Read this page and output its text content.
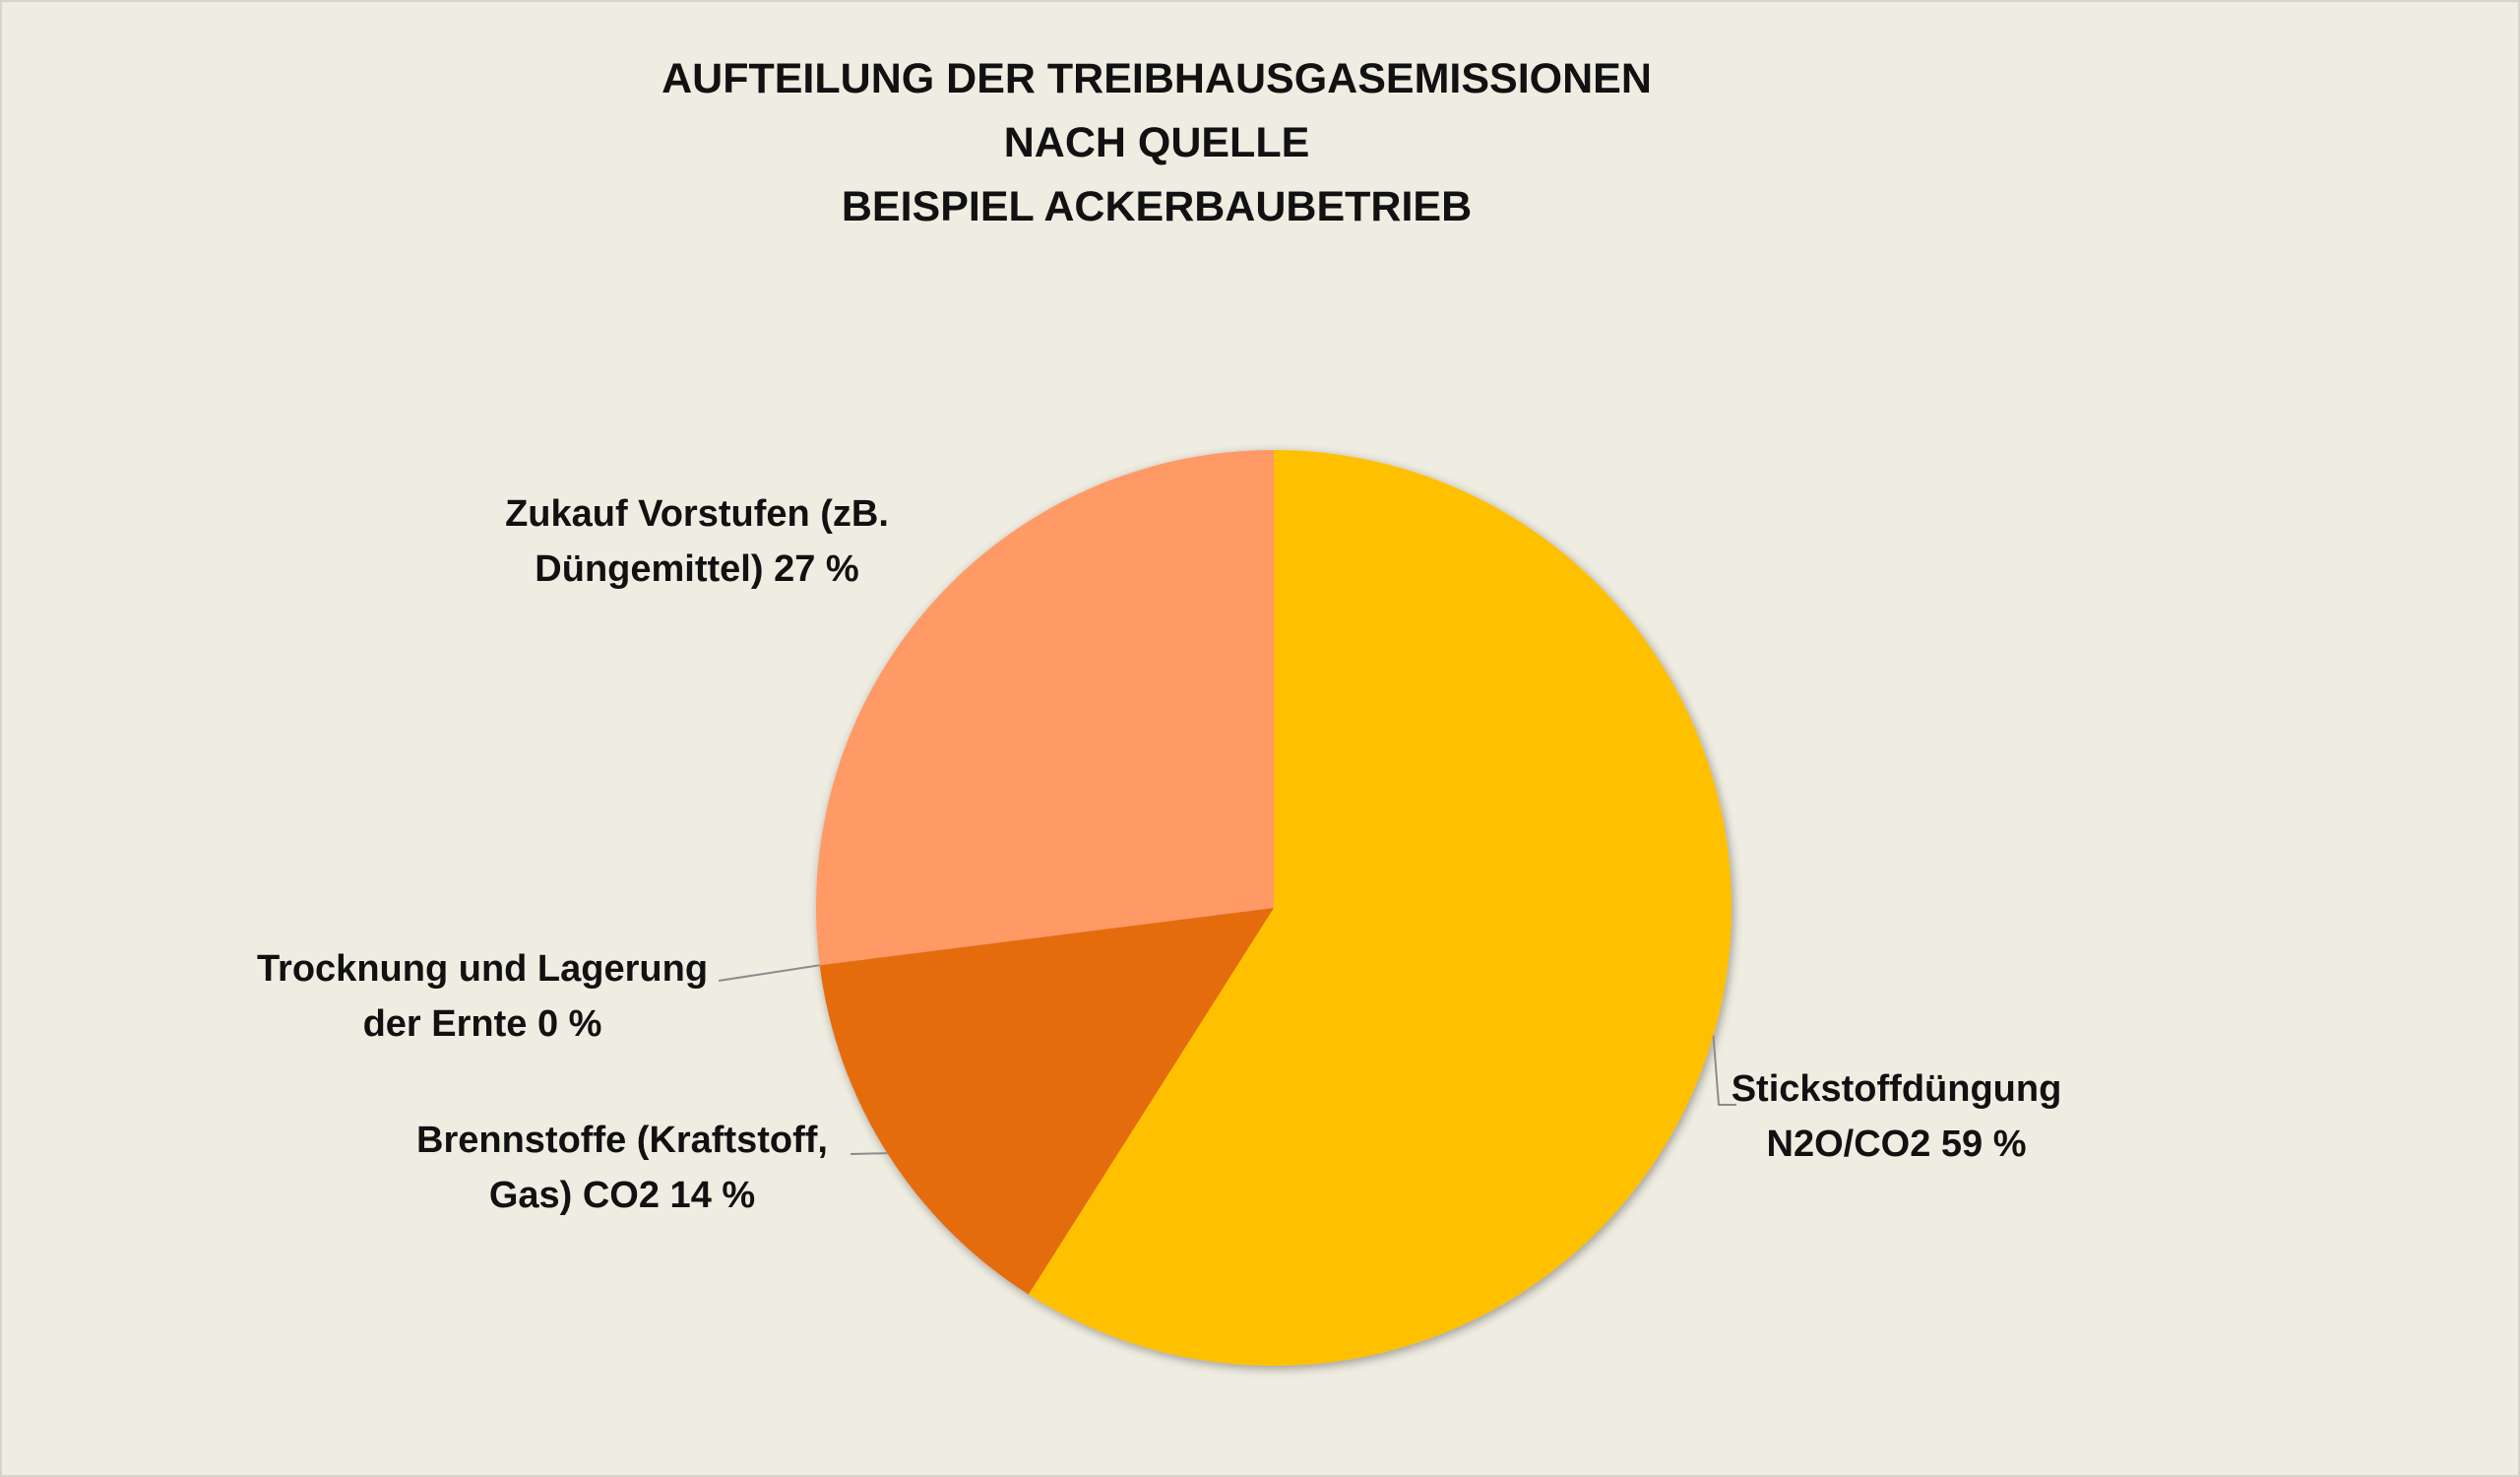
AUFTEILUNG DER TREIBHAUSGASEMISSIONEN
NACH QUELLE
BEISPIEL ACKERBAUBETRIEB
Stickstoffdüngung
N2O/CO2 59 %
Brennstoffe (Kraftstoff,
Gas) CO2 14 %
Trocknung und Lagerung
der Ernte 0 %
Zukauf Vorstufen (zB.
Düngemittel) 27 %
